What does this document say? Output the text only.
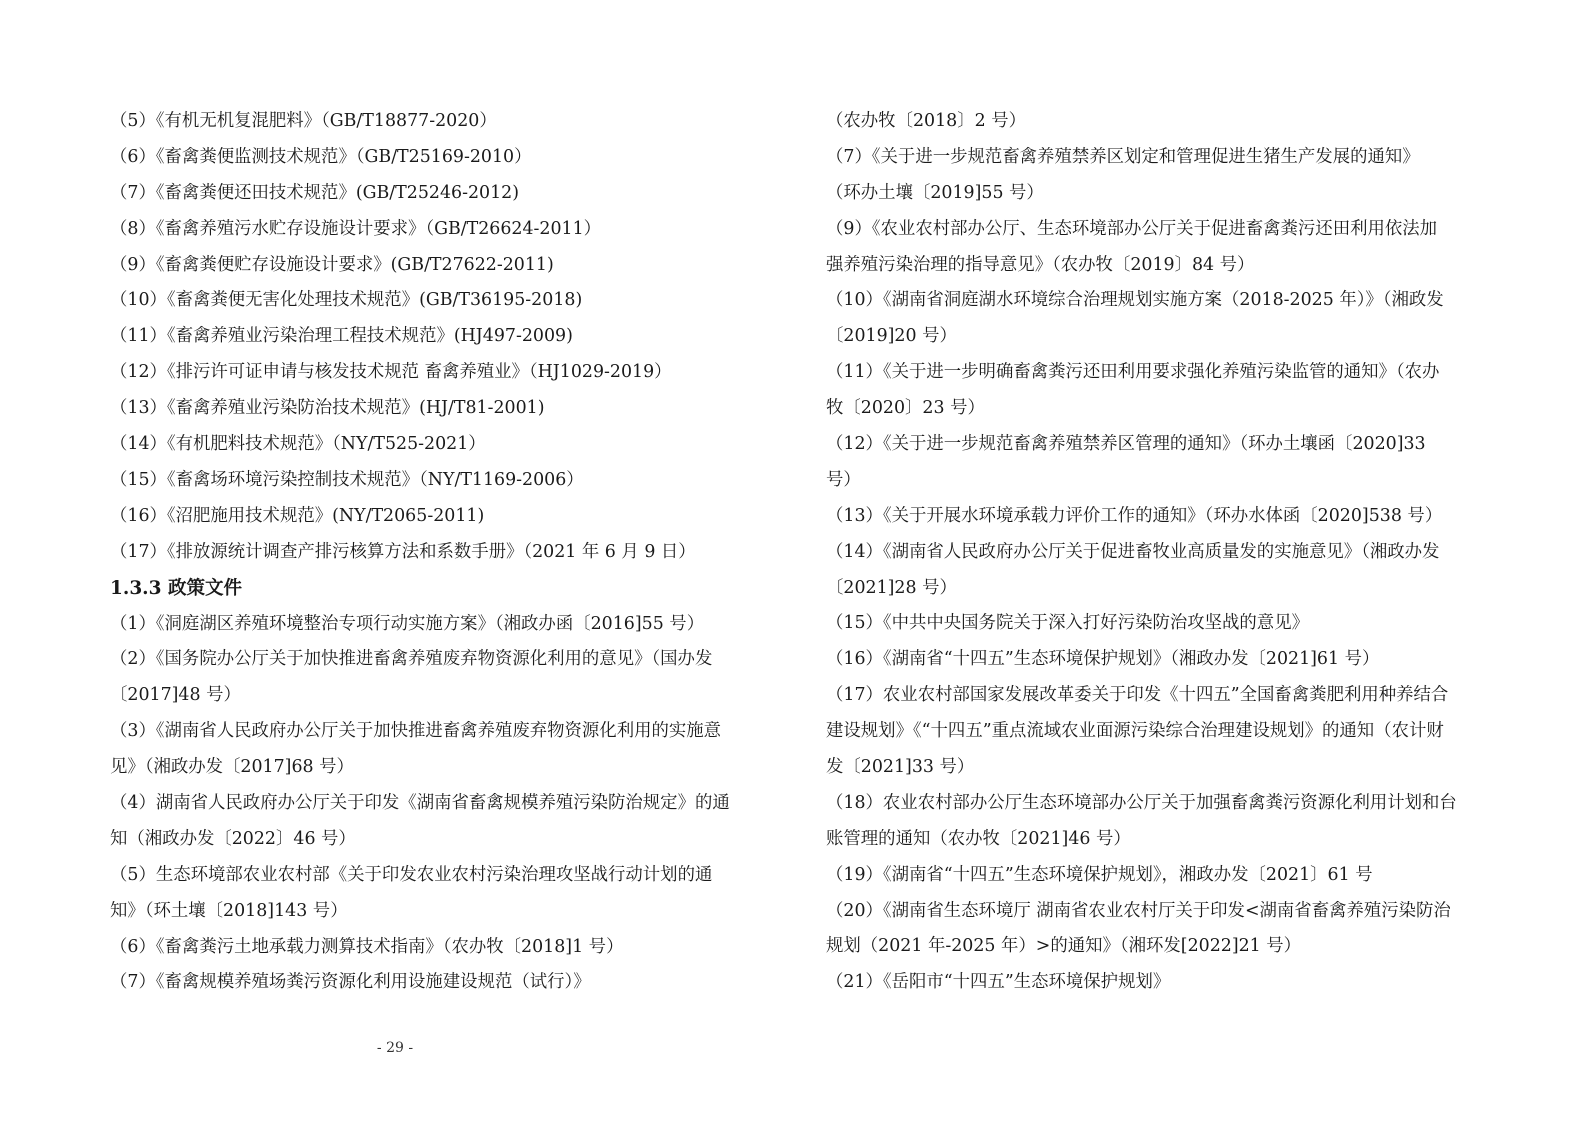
（5）《有机无机复混肥料》（GB/T18877-2020）
（6）《畜禽粪便监测技术规范》（GB/T25169-2010）
（7）《畜禽粪便还田技术规范》(GB/T25246-2012)
（8）《畜禽养殖污水贮存设施设计要求》（GB/T26624-2011）
（9）《畜禽粪便贮存设施设计要求》(GB/T27622-2011)
（10）《畜禽粪便无害化处理技术规范》(GB/T36195-2018)
（11）《畜禽养殖业污染治理工程技术规范》(HJ497-2009)
（12）《排污许可证申请与核发技术规范 畜禽养殖业》（HJ1029-2019）
（13）《畜禽养殖业污染防治技术规范》(HJ/T81-2001)
（14）《有机肥料技术规范》（NY/T525-2021）
（15）《畜禽场环境污染控制技术规范》（NY/T1169-2006）
（16）《沼肥施用技术规范》(NY/T2065-2011)
（17）《排放源统计调查产排污核算方法和系数手册》（2021 年 6 月 9 日）
1.3.3 政策文件
（1）《洞庭湖区养殖环境整治专项行动实施方案》（湘政办函〔2016]55 号）
（2）《国务院办公厅关于加快推进畜禽养殖废弃物资源化利用的意见》（国办发
〔2017]48 号）
（3）《湖南省人民政府办公厅关于加快推进畜禽养殖废弃物资源化利用的实施意
见》（湘政办发〔2017]68 号）
（4）湖南省人民政府办公厅关于印发《湖南省畜禽规模养殖污染防治规定》的通
知（湘政办发〔2022〕46 号）
（5）生态环境部农业农村部《关于印发农业农村污染治理攻坚战行动计划的通
知》（环土壤〔2018]143 号）
（6）《畜禽粪污土地承载力测算技术指南》（农办牧〔2018]1 号）
（7）《畜禽规模养殖场粪污资源化利用设施建设规范（试行）》
（农办牧〔2018〕2 号）
（7）《关于进一步规范畜禽养殖禁养区划定和管理促进生猪生产发展的通知》
（环办土壤〔2019]55 号）
（9）《农业农村部办公厅、生态环境部办公厅关于促进畜禽粪污还田利用依法加
强养殖污染治理的指导意见》（农办牧〔2019〕84 号）
（10）《湖南省洞庭湖水环境综合治理规划实施方案（2018-2025 年）》（湘政发
〔2019]20 号）
（11）《关于进一步明确畜禽粪污还田利用要求强化养殖污染监管的通知》（农办
牧〔2020〕23 号）
（12）《关于进一步规范畜禽养殖禁养区管理的通知》（环办土壤函〔2020]33
号）
（13）《关于开展水环境承载力评价工作的通知》（环办水体函〔2020]538 号）
（14）《湖南省人民政府办公厅关于促进畜牧业高质量发的实施意见》（湘政办发
〔2021]28 号）
（15）《中共中央国务院关于深入打好污染防治攻坚战的意见》
（16）《湖南省“十四五”生态环境保护规划》（湘政办发〔2021]61 号）
（17）农业农村部国家发展改革委关于印发《十四五”全国畜禽粪肥利用种养结合
建设规划》《“十四五”重点流域农业面源污染综合治理建设规划》的通知（农计财
发〔2021]33 号）
（18）农业农村部办公厅生态环境部办公厅关于加强畜禽粪污资源化利用计划和台
账管理的通知（农办牧〔2021]46 号）
（19）《湖南省“十四五”生态环境保护规划》，湘政办发〔2021〕61 号
（20）《湖南省生态环境厅 湖南省农业农村厅关于印发<湖南省畜禽养殖污染防治
规划（2021 年-2025 年）>的通知》（湘环发[2022]21 号）
（21）《岳阳市“十四五”生态环境保护规划》
- 29 -
